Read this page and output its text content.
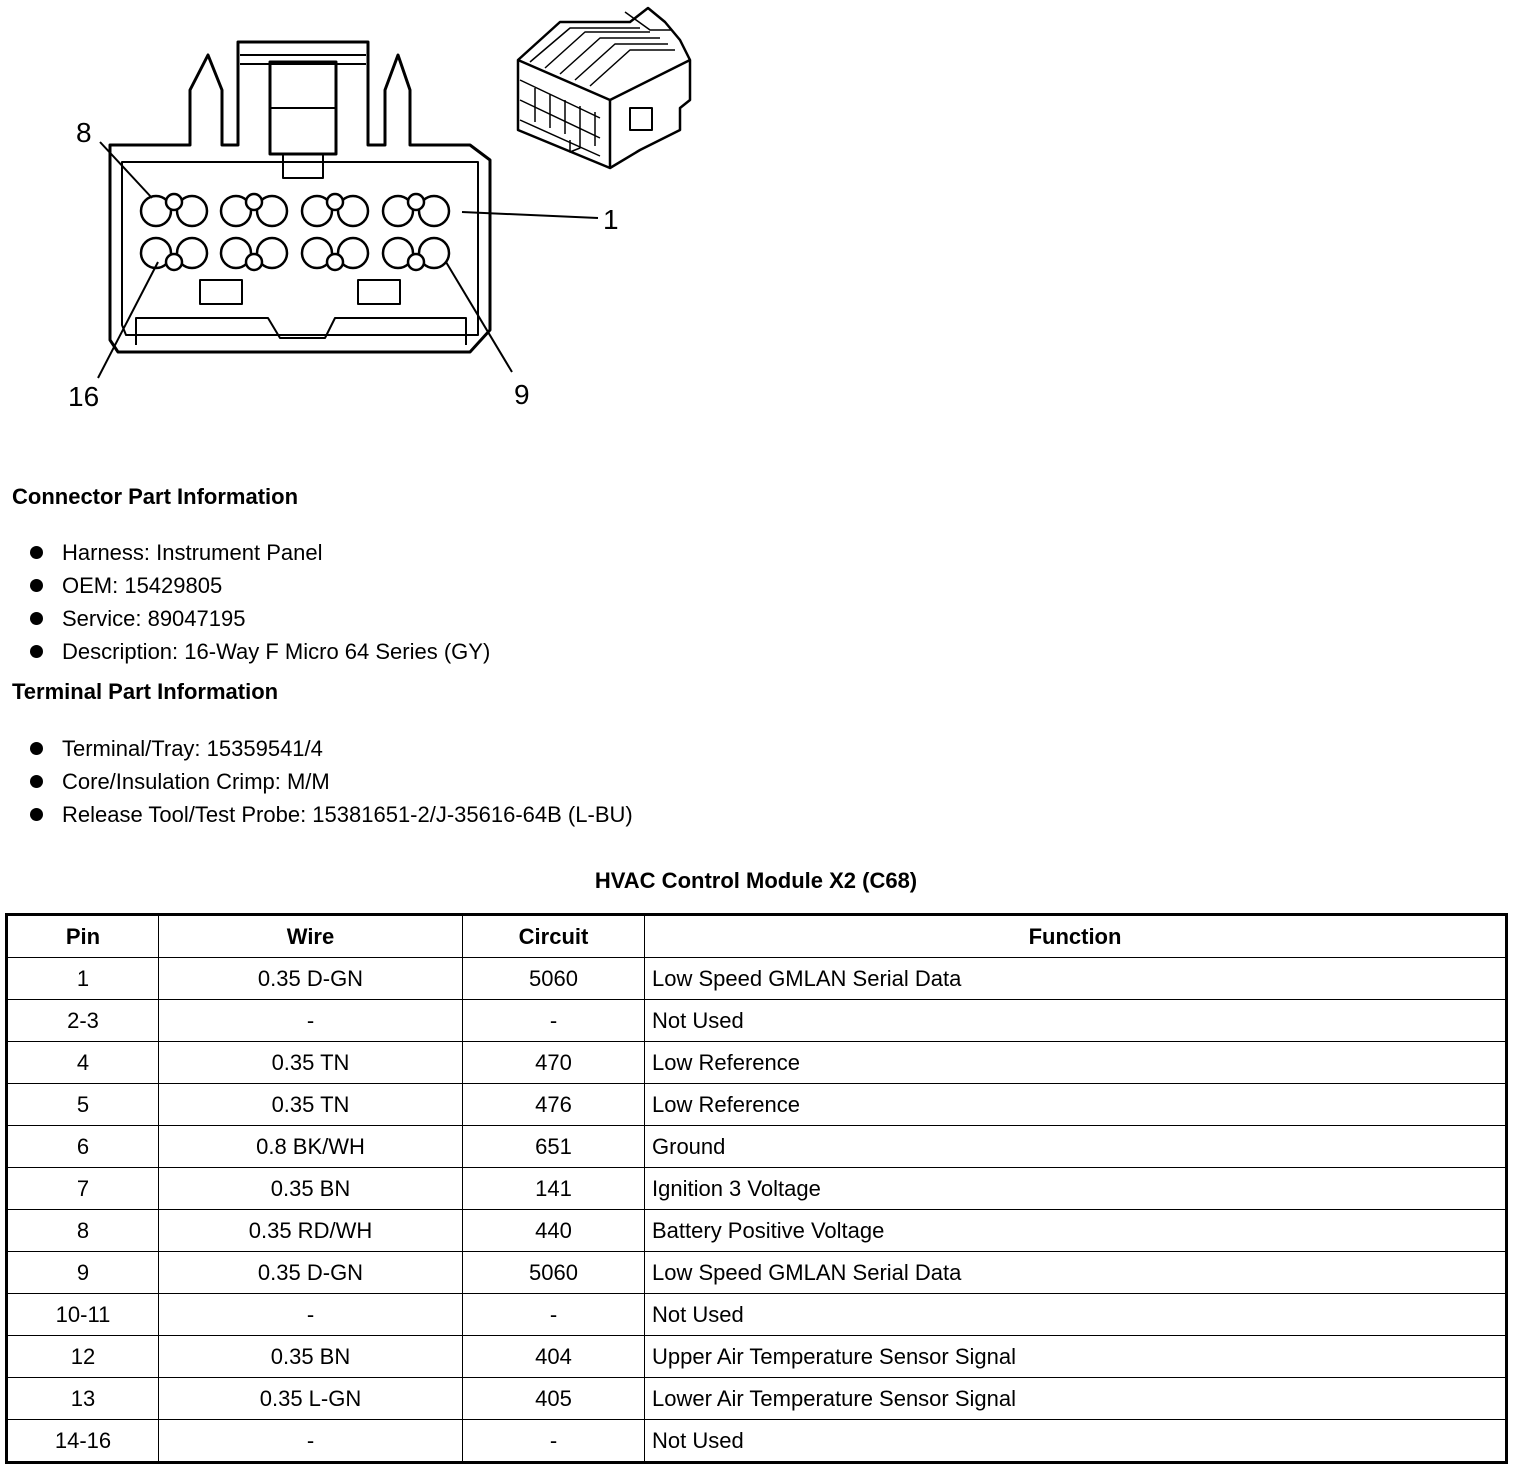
8
1
16	9
Connector Part Information
Harness: Instrument Panel
OEM: 15429805
Service: 89047195
Description: 16-Way F Micro 64 Series (GY)
Terminal Part Information
Terminal/Tray: 15359541/4
Core/Insulation Crimp: M/M
Release Tool/Test Probe: 15381651-2/J-35616-64B (L-BU)
HVAC Control Module X2 (C68)
Pin	Wire	Circuit	Function
1	0.35 D-GN	5060	Low Speed GMLAN Serial Data
2-3	-	-	Not Used
4	0.35 TN	470	Low Reference
5	0.35 TN	476	Low Reference
6	0.8 BK/WH	651	Ground
7	0.35 BN	141	Ignition 3 Voltage
8	0.35 RD/WH	440	Battery Positive Voltage
9	0.35 D-GN	5060	Low Speed GMLAN Serial Data
10-11	-	-	Not Used
12	0.35 BN	404	Upper Air Temperature Sensor Signal
13	0.35 L-GN	405	Lower Air Temperature Sensor Signal
14-16	-	-	Not Used
